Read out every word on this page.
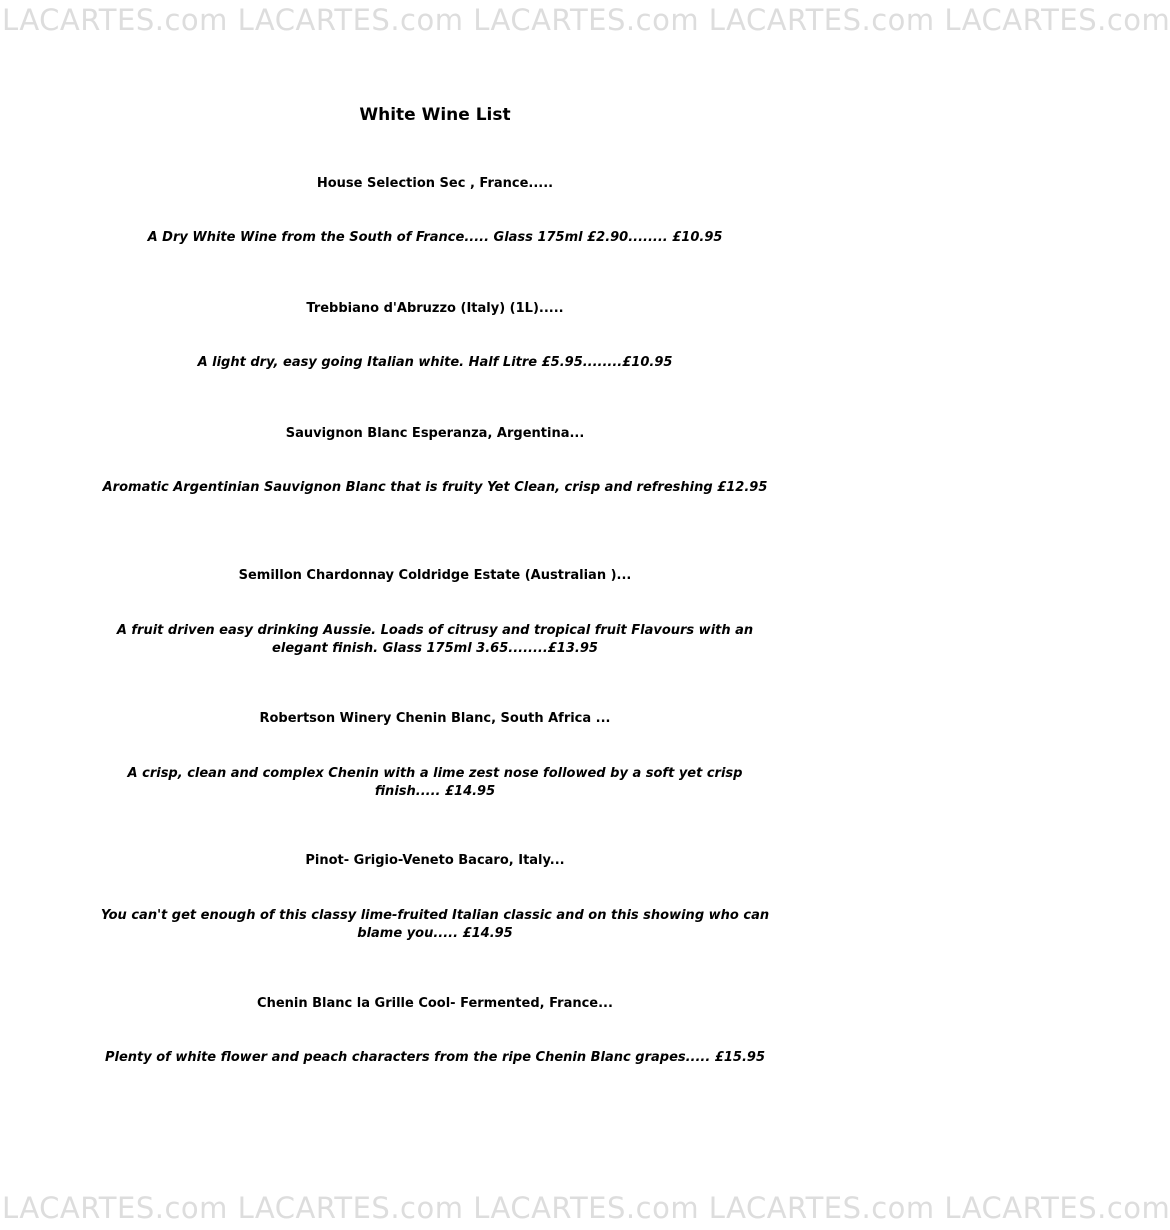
LACARTES.com LACARTES.com LACARTES.com LACARTES.com LACARTES.com
White Wine List
House Selection Sec , France.....
A Dry White Wine from the South of France..... Glass 175ml £2.90........ £10.95
Trebbiano d'Abruzzo (Italy) (1L).....
A light dry, easy going Italian white. Half Litre £5.95........£10.95
Sauvignon Blanc Esperanza, Argentina...
Aromatic Argentinian Sauvignon Blanc that is fruity Yet Clean, crisp and refreshing £12.95
Semillon Chardonnay Coldridge Estate (Australian )...
A fruit driven easy drinking Aussie. Loads of citrusy and tropical fruit Flavours with an elegant finish. Glass 175ml 3.65........£13.95
Robertson Winery Chenin Blanc, South Africa ...
A crisp, clean and complex Chenin with a lime zest nose followed by a soft yet crisp finish..... £14.95
Pinot- Grigio-Veneto Bacaro, Italy...
You can't get enough of this classy lime-fruited Italian classic and on this showing who can blame you..... £14.95
Chenin Blanc la Grille Cool- Fermented, France...
Plenty of white flower and peach characters from the ripe Chenin Blanc grapes..... £15.95
LACARTES.com LACARTES.com LACARTES.com LACARTES.com LACARTES.com
